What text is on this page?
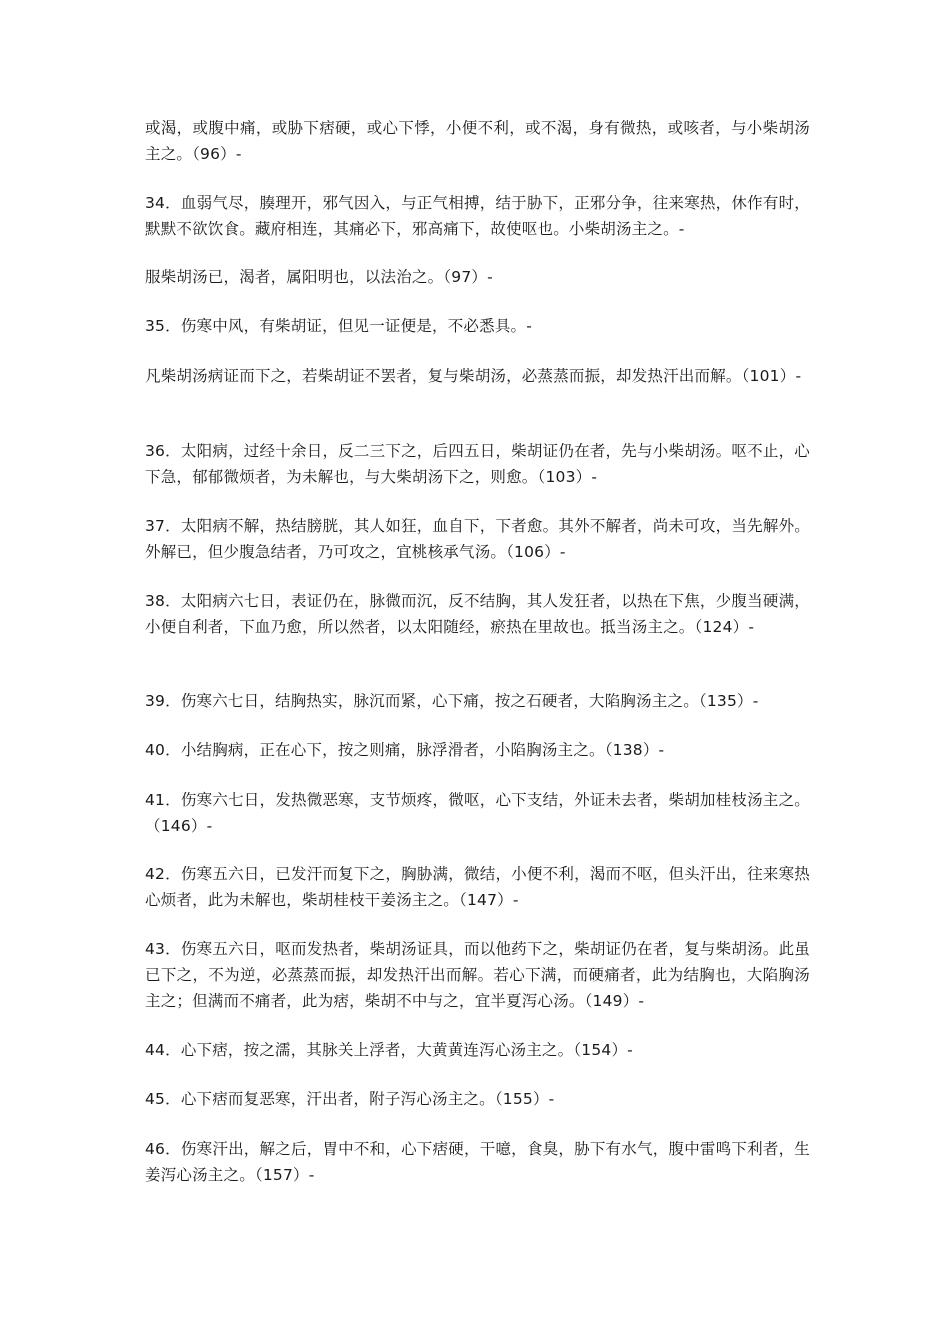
或渴，或腹中痛，或胁下痞硬，或心下悸，小便不利，或不渴，身有微热，或咳者，与小柴胡汤主之。（96）-

34．血弱气尽，腠理开，邪气因入，与正气相搏，结于胁下，正邪分争，往来寒热，休作有时，默默不欲饮食。藏府相连，其痛必下，邪高痛下，故使呕也。小柴胡汤主之。-

服柴胡汤已，渴者，属阳明也，以法治之。（97）-

35．伤寒中风，有柴胡证，但见一证便是，不必悉具。-

凡柴胡汤病证而下之，若柴胡证不罢者，复与柴胡汤，必蒸蒸而振，却发热汗出而解。（101）-

36．太阳病，过经十余日，反二三下之，后四五日，柴胡证仍在者，先与小柴胡汤。呕不止，心下急，郁郁微烦者，为未解也，与大柴胡汤下之，则愈。（103）-

37．太阳病不解，热结膀胱，其人如狂，血自下，下者愈。其外不解者，尚未可攻，当先解外。外解已，但少腹急结者，乃可攻之，宜桃核承气汤。（106）-

38．太阳病六七日，表证仍在，脉微而沉，反不结胸，其人发狂者，以热在下焦，少腹当硬满，小便自利者，下血乃愈，所以然者，以太阳随经，瘀热在里故也。抵当汤主之。（124）-

39．伤寒六七日，结胸热实，脉沉而紧，心下痛，按之石硬者，大陷胸汤主之。（135）-

40．小结胸病，正在心下，按之则痛，脉浮滑者，小陷胸汤主之。（138）-

41．伤寒六七日，发热微恶寒，支节烦疼，微呕，心下支结，外证未去者，柴胡加桂枝汤主之。（146）-

42．伤寒五六日，已发汗而复下之，胸胁满，微结，小便不利，渴而不呕，但头汗出，往来寒热心烦者，此为未解也，柴胡桂枝干姜汤主之。（147）-

43．伤寒五六日，呕而发热者，柴胡汤证具，而以他药下之，柴胡证仍在者，复与柴胡汤。此虽已下之，不为逆，必蒸蒸而振，却发热汗出而解。若心下满，而硬痛者，此为结胸也，大陷胸汤主之；但满而不痛者，此为痞，柴胡不中与之，宜半夏泻心汤。（149）-

44．心下痞，按之濡，其脉关上浮者，大黄黄连泻心汤主之。（154）-

45．心下痞而复恶寒，汗出者，附子泻心汤主之。（155）-

46．伤寒汗出，解之后，胃中不和，心下痞硬，干噫，食臭，胁下有水气，腹中雷鸣下利者，生姜泻心汤主之。（157）-
